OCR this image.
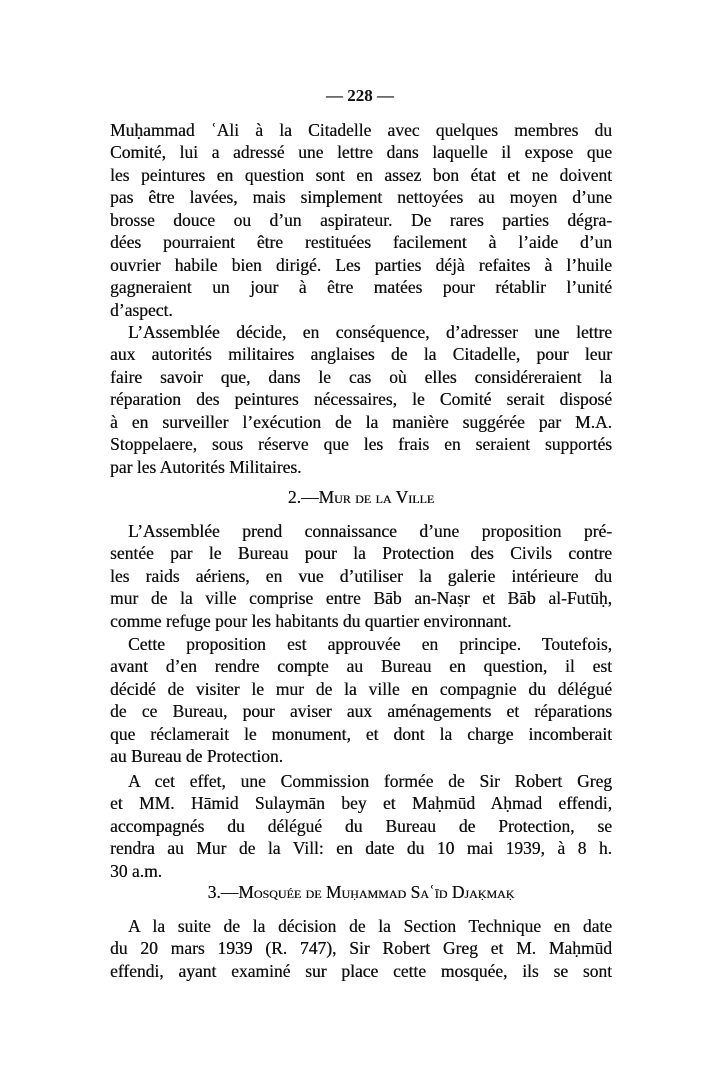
— 228 —
Muḥammad ʿAli à la Citadelle avec quelques membres du
Comité, lui a adressé une lettre dans laquelle il expose que
les peintures en question sont en assez bon état et ne doivent
pas être lavées, mais simplement nettoyées au moyen d’une
brosse douce ou d’un aspirateur. De rares parties dégra-
dées pourraient être restituées facilement à l’aide d’un
ouvrier habile bien dirigé. Les parties déjà refaites à l’huile
gagneraient un jour à être matées pour rétablir l’unité
d’aspect.
L’Assemblée décide, en conséquence, d’adresser une lettre
aux autorités militaires anglaises de la Citadelle, pour leur
faire savoir que, dans le cas où elles considéreraient la
réparation des peintures nécessaires, le Comité serait disposé
à en surveiller l’exécution de la manière suggérée par M.A.
Stoppelaere, sous réserve que les frais en seraient supportés
par les Autorités Militaires.
2.—Mur de la Ville
L’Assemblée prend connaissance d’une proposition pré-
sentée par le Bureau pour la Protection des Civils contre
les raids aériens, en vue d’utiliser la galerie intérieure du
mur de la ville comprise entre Bāb an-Naṣr et Bāb al-Futūḥ,
comme refuge pour les habitants du quartier environnant.
Cette proposition est approuvée en principe. Toutefois,
avant d’en rendre compte au Bureau en question, il est
décidé de visiter le mur de la ville en compagnie du délégué
de ce Bureau, pour aviser aux aménagements et réparations
que réclamerait le monument, et dont la charge incomberait
au Bureau de Protection.
A cet effet, une Commission formée de Sir Robert Greg
et MM. Hāmid Sulaymān bey et Maḥmūd Aḥmad effendi,
accompagnés du délégué du Bureau de Protection, se
rendra au Mur de la Vill: en date du 10 mai 1939, à 8 h.
30 a.m.
3.—Mosquée de Muḥammad Saʿīd Djaḳmaḳ
A la suite de la décision de la Section Technique en date
du 20 mars 1939 (R. 747), Sir Robert Greg et M. Maḥmūd
effendi, ayant examiné sur place cette mosquée, ils se sont
